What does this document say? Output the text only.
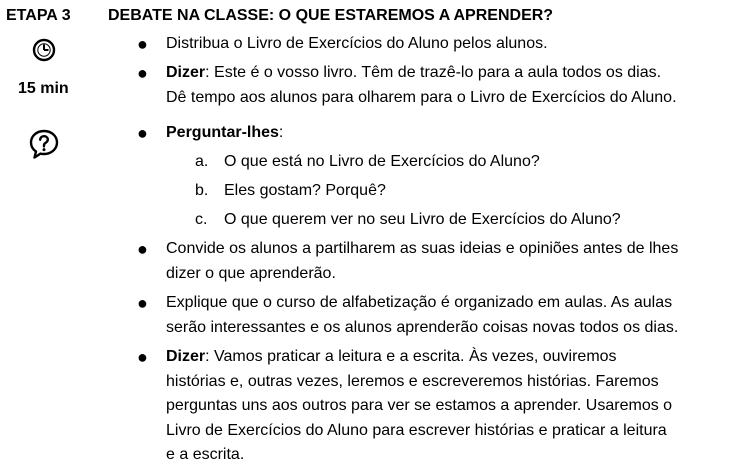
ETAPA 3 DEBATE NA CLASSE: O QUE ESTAREMOS A APRENDER?
15 min
● Distribua o Livro de Exercícios do Aluno pelos alunos.
● Dizer: Este é o vosso livro. Têm de trazê-lo para a aula todos os dias.
Dê tempo aos alunos para olharem para o Livro de Exercícios do Aluno.
● Perguntar-lhes:
a. O que está no Livro de Exercícios do Aluno?
b. Eles gostam? Porquê?
c. O que querem ver no seu Livro de Exercícios do Aluno?
● Convide os alunos a partilharem as suas ideias e opiniões antes de lhes
dizer o que aprenderão.
● Explique que o curso de alfabetização é organizado em aulas. As aulas
serão interessantes e os alunos aprenderão coisas novas todos os dias.
● Dizer: Vamos praticar a leitura e a escrita. Às vezes, ouviremos
histórias e, outras vezes, leremos e escreveremos histórias. Faremos
perguntas uns aos outros para ver se estamos a aprender. Usaremos o
Livro de Exercícios do Aluno para escrever histórias e praticar a leitura
e a escrita.
